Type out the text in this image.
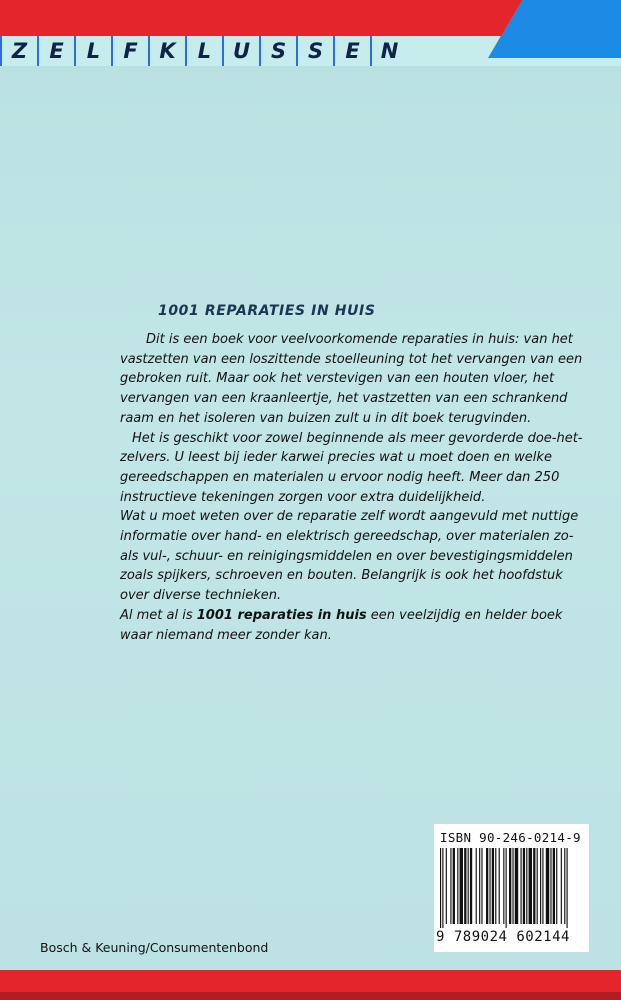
Z	E	L	F	K	L	U S	S	E	N
1001 REPARATIES IN HUIS
Dit is een boek voor veelvoorkomende reparaties in huis: van het
vastzetten van een loszittende stoelleuning tot het vervangen van een
gebroken ruit. Maar ook het verstevigen van een houten vloer, het
vervangen van een kraanleertje, het vastzetten van een schrankend
raam en het isoleren van buizen zult u in dit boek terugvinden.
Het is geschikt voor zowel beginnende als meer gevorderde doe-het-
zelvers. U leest bij ieder karwei precies wat u moet doen en welke
gereedschappen en materialen u ervoor nodig heeft. Meer dan 250
instructieve tekeningen zorgen voor extra duidelijkheid.
Wat u moet weten over de reparatie zelf wordt aangevuld met nuttige
informatie over hand- en elektrisch gereedschap, over materialen zo-
als vul-, schuur- en reinigingsmiddelen en over bevestigingsmiddelen
zoals spijkers, schroeven en bouten. Belangrijk is ook het hoofdstuk
over diverse technieken.
Al met al is 1001 reparaties in huis een veelzijdig en helder boek
waar niemand meer zonder kan.
ISBN 90-246-0214-9
9 789024 602144
Bosch & Keuning/Consumentenbond
